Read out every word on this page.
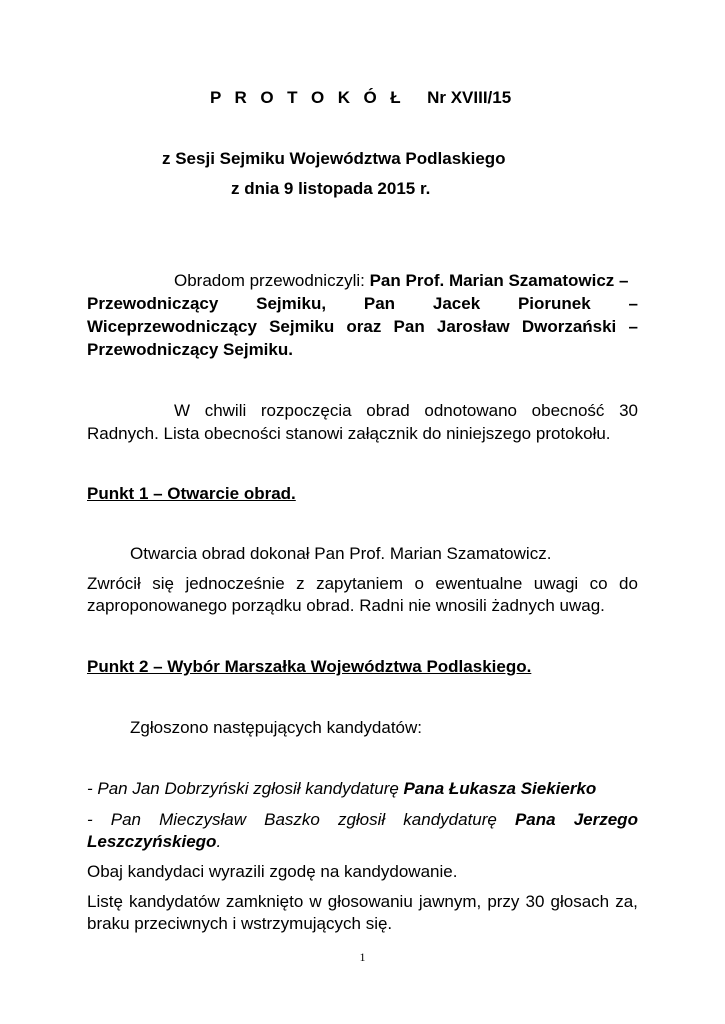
P R O T O K Ó Ł Nr XVIII/15
z Sesji Sejmiku Województwa Podlaskiego
z dnia 9 listopada 2015 r.
Obradom przewodniczyli: Pan Prof. Marian Szamatowicz –
Przewodniczący Sejmiku, Pan Jacek Piorunek –
Wiceprzewodniczący Sejmiku oraz Pan Jarosław Dworzański –
Przewodniczący Sejmiku.
W chwili rozpoczęcia obrad odnotowano obecność 30
Radnych. Lista obecności stanowi załącznik do niniejszego protokołu.
Punkt 1 – Otwarcie obrad.
Otwarcia obrad dokonał Pan Prof. Marian Szamatowicz.
Zwrócił się jednocześnie z zapytaniem o ewentualne uwagi co do
zaproponowanego porządku obrad. Radni nie wnosili żadnych uwag.
Punkt 2 – Wybór Marszałka Województwa Podlaskiego.
Zgłoszono następujących kandydatów:
- Pan Jan Dobrzyński zgłosił kandydaturę Pana Łukasza Siekierko
- Pan Mieczysław Baszko zgłosił kandydaturę Pana Jerzego
Leszczyńskiego.
Obaj kandydaci wyrazili zgodę na kandydowanie.
Listę kandydatów zamknięto w głosowaniu jawnym, przy 30 głosach za,
braku przeciwnych i wstrzymujących się.
1
